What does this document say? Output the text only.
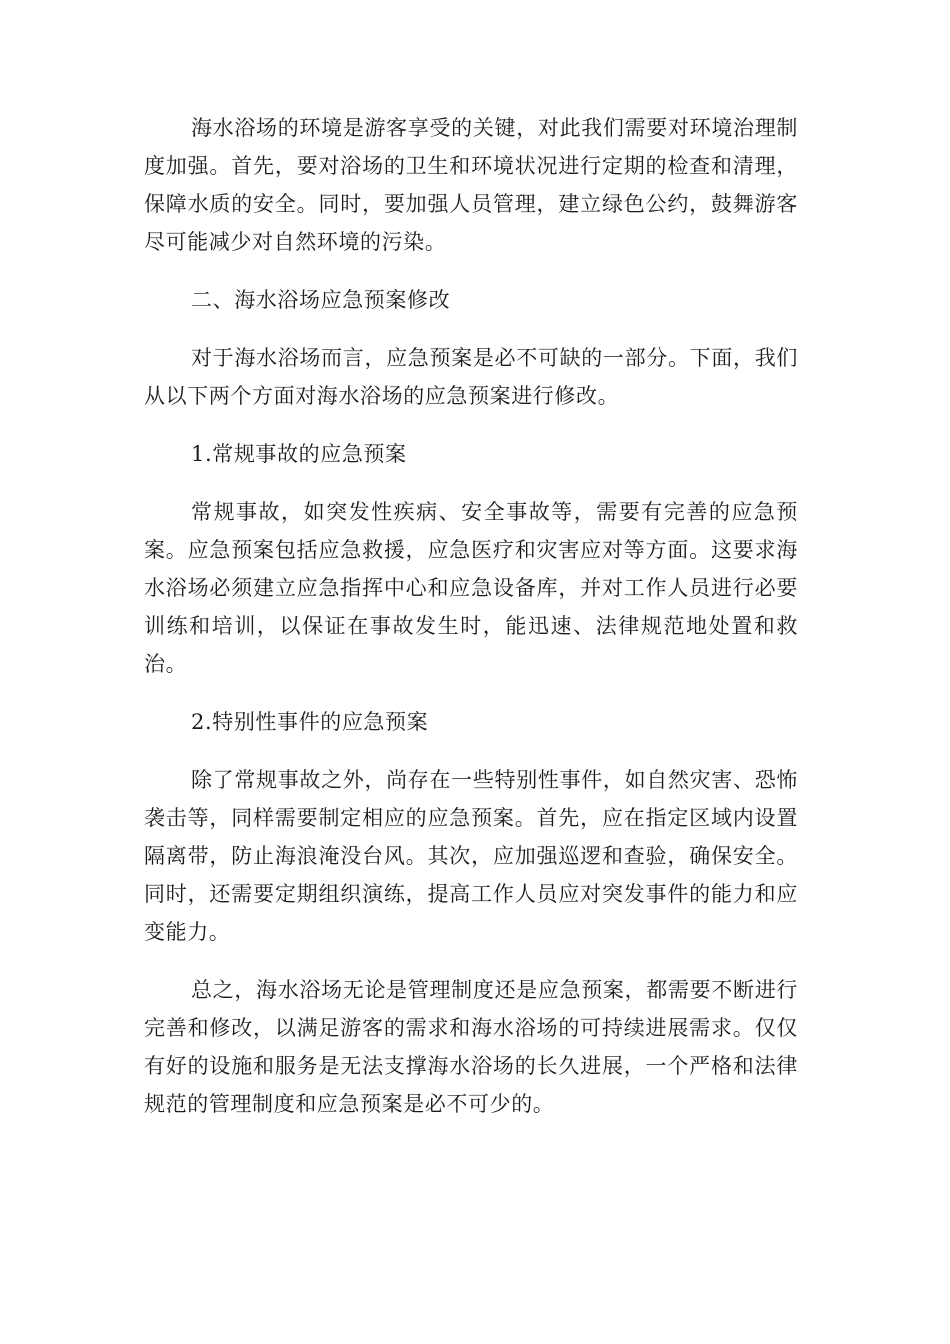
海水浴场的环境是游客享受的关键，对此我们需要对环境治理制度加强。首先，要对浴场的卫生和环境状况进行定期的检查和清理，保障水质的安全。同时，要加强人员管理，建立绿色公约，鼓舞游客尽可能减少对自然环境的污染。

二、海水浴场应急预案修改

对于海水浴场而言，应急预案是必不可缺的一部分。下面，我们从以下两个方面对海水浴场的应急预案进行修改。

1.常规事故的应急预案

常规事故，如突发性疾病、安全事故等，需要有完善的应急预案。应急预案包括应急救援，应急医疗和灾害应对等方面。这要求海水浴场必须建立应急指挥中心和应急设备库，并对工作人员进行必要训练和培训，以保证在事故发生时，能迅速、法律规范地处置和救治。

2.特别性事件的应急预案

除了常规事故之外，尚存在一些特别性事件，如自然灾害、恐怖袭击等，同样需要制定相应的应急预案。首先，应在指定区域内设置隔离带，防止海浪淹没台风。其次，应加强巡逻和查验，确保安全。同时，还需要定期组织演练，提高工作人员应对突发事件的能力和应变能力。

总之，海水浴场无论是管理制度还是应急预案，都需要不断进行完善和修改，以满足游客的需求和海水浴场的可持续进展需求。仅仅有好的设施和服务是无法支撑海水浴场的长久进展，一个严格和法律规范的管理制度和应急预案是必不可少的。
